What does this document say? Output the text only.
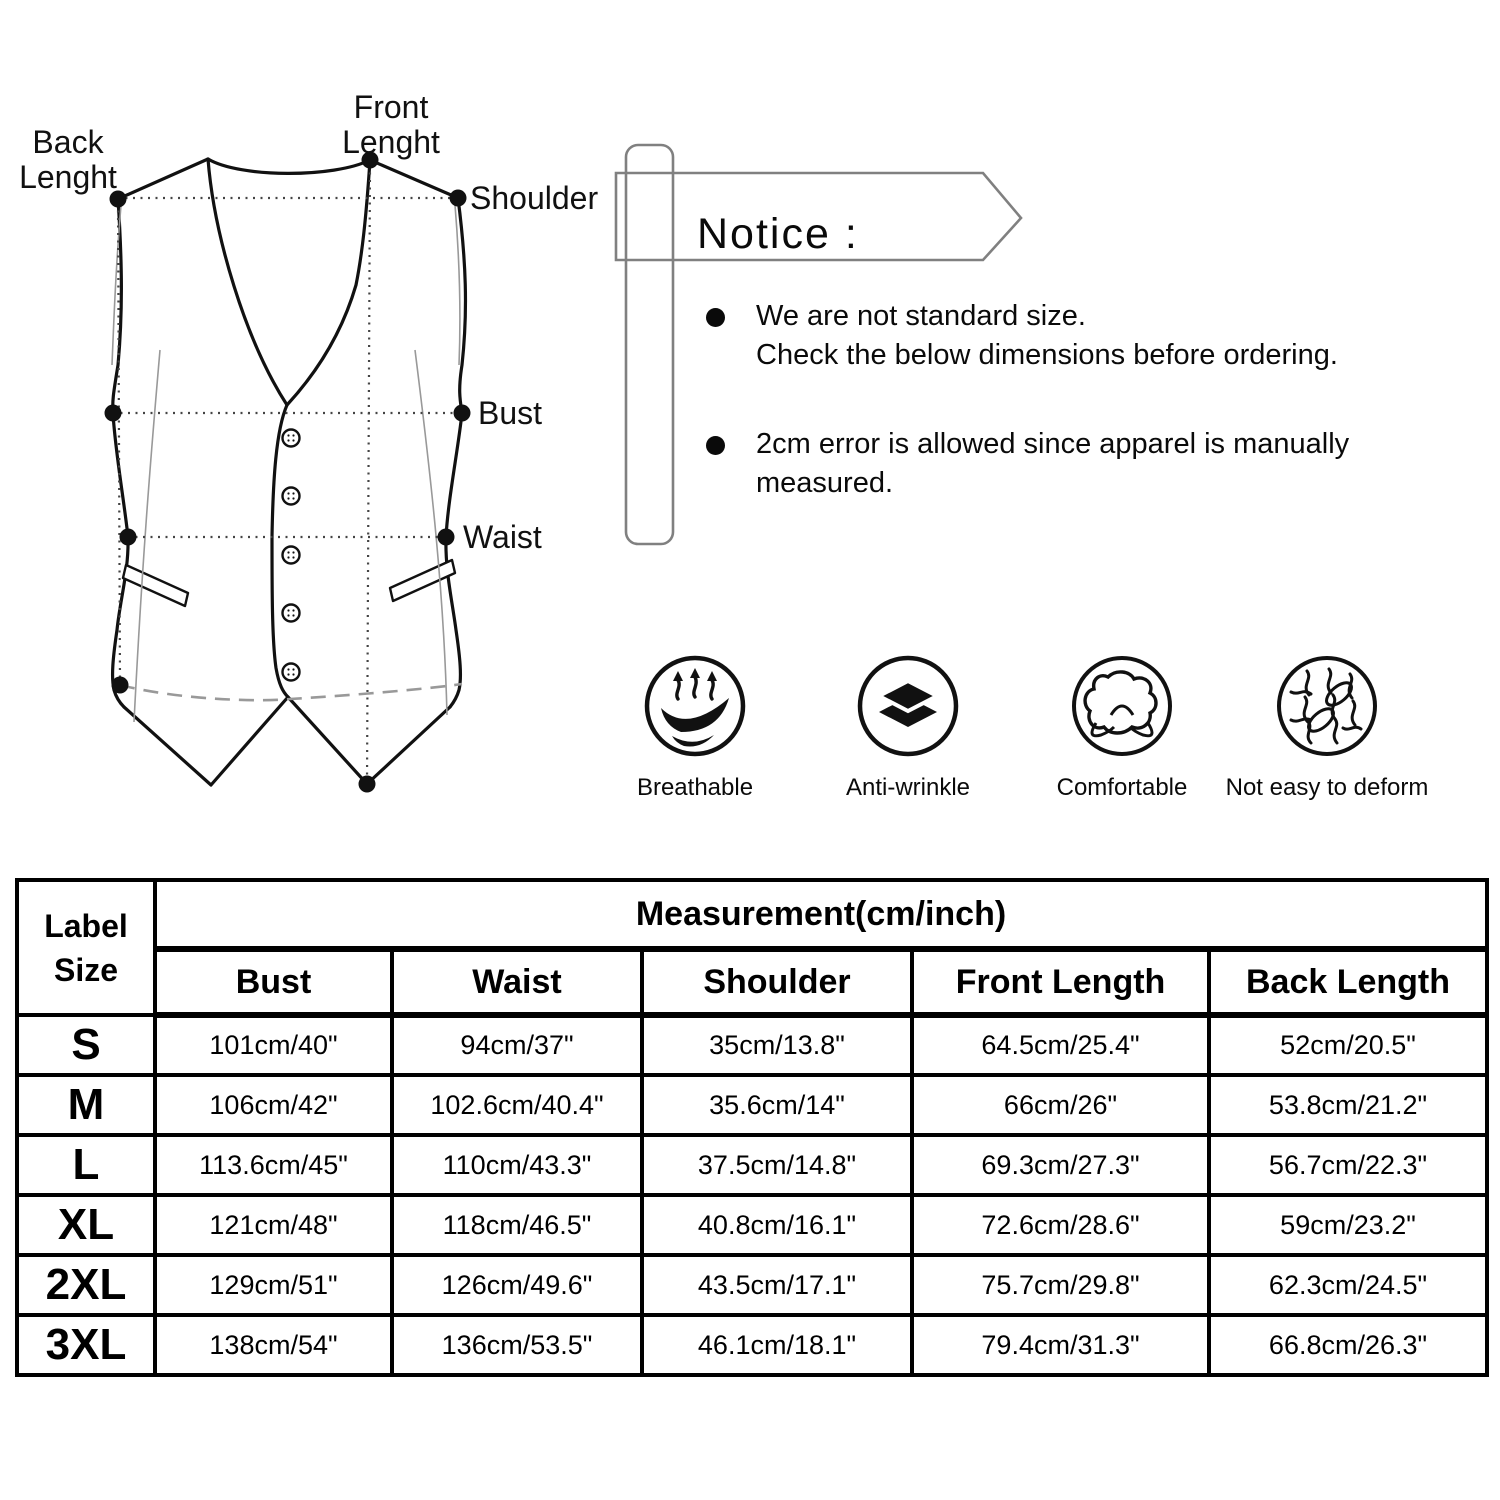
Back
Lenght
Front
Lenght
Shoulder
Bust
Waist
Notice :
We are not standard size.
Check the below dimensions before ordering.
2cm error is allowed since apparel is manually
measured.
Breathable	Anti-wrinkle	Comfortable	Not easy to deform
Label
Size	Measurement(cm/inch)				
	Bust	Waist	Shoulder	Front Length	Back Length
S	101cm/40"	94cm/37"	35cm/13.8"	64.5cm/25.4"	52cm/20.5"
M	106cm/42"	102.6cm/40.4"	35.6cm/14"	66cm/26"	53.8cm/21.2"
L	113.6cm/45"	110cm/43.3"	37.5cm/14.8"	69.3cm/27.3"	56.7cm/22.3"
XL	121cm/48"	118cm/46.5"	40.8cm/16.1"	72.6cm/28.6"	59cm/23.2"
2XL	129cm/51"	126cm/49.6"	43.5cm/17.1"	75.7cm/29.8"	62.3cm/24.5"
3XL	138cm/54"	136cm/53.5"	46.1cm/18.1"	79.4cm/31.3"	66.8cm/26.3"
